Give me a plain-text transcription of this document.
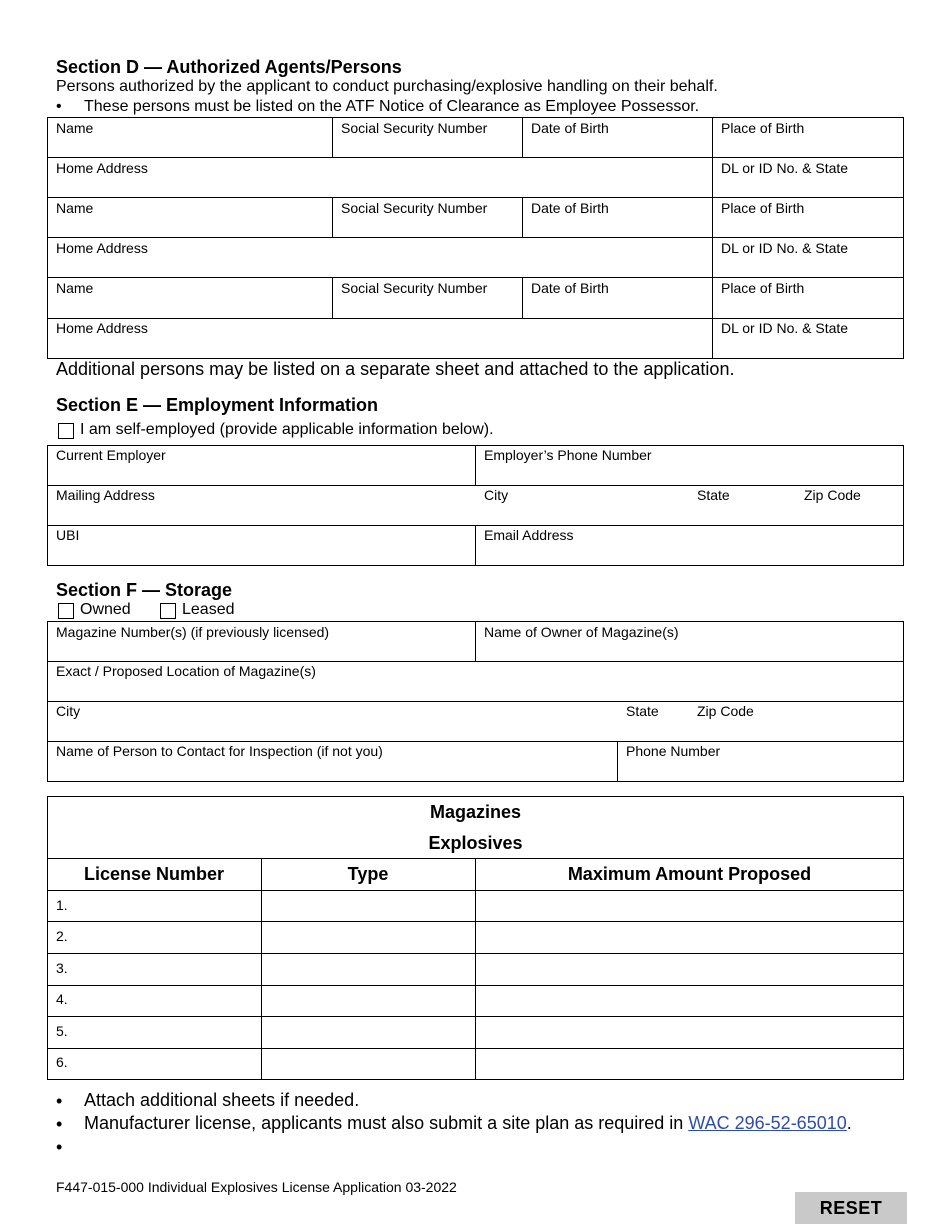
Section D — Authorized Agents/Persons
Persons authorized by the applicant to conduct purchasing/explosive handling on their behalf.
• These persons must be listed on the ATF Notice of Clearance as Employee Possessor.
Name	Social Security Number	Date of Birth	Place of Birth
Home Address	DL or ID No. & State
Name	Social Security Number	Date of Birth	Place of Birth
Home Address	DL or ID No. & State
Name	Social Security Number	Date of Birth	Place of Birth
Home Address	DL or ID No. & State
Additional persons may be listed on a separate sheet and attached to the application.
Section E — Employment Information
I am self-employed (provide applicable information below).
Current Employer	Employer’s Phone Number
Mailing Address	City	State	Zip Code
UBI	Email Address
Section F — Storage
Owned	Leased
Magazine Number(s) (if previously licensed)	Name of Owner of Magazine(s)
Exact / Proposed Location of Magazine(s)
City	State	Zip Code
Name of Person to Contact for Inspection (if not you)	Phone Number
Magazines
Explosives
License Number	Type	Maximum Amount Proposed
1.
2.
3.
4.
5.
6.
• Attach additional sheets if needed.
• Manufacturer license, applicants must also submit a site plan as required in WAC 296-52-65010.
•
F447-015-000 Individual Explosives License Application 03-2022
RESET
